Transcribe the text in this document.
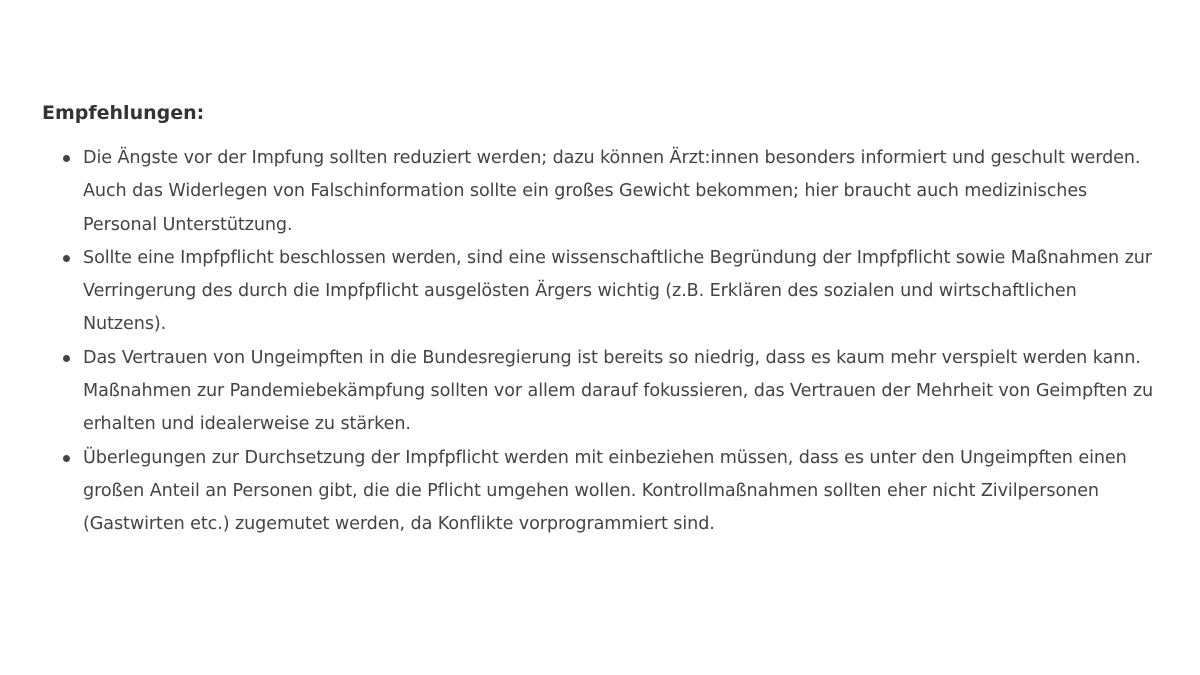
Empfehlungen:
Die Ängste vor der Impfung sollten reduziert werden; dazu können Ärzt:innen besonders informiert und geschult werden. Auch das Widerlegen von Falschinformation sollte ein großes Gewicht bekommen; hier braucht auch medizinisches Personal Unterstützung.
Sollte eine Impfpflicht beschlossen werden, sind eine wissenschaftliche Begründung der Impfpflicht sowie Maßnahmen zur Verringerung des durch die Impfpflicht ausgelösten Ärgers wichtig (z.B. Erklären des sozialen und wirtschaftlichen Nutzens).
Das Vertrauen von Ungeimpften in die Bundesregierung ist bereits so niedrig, dass es kaum mehr verspielt werden kann. Maßnahmen zur Pandemiebekämpfung sollten vor allem darauf fokussieren, das Vertrauen der Mehrheit von Geimpften zu erhalten und idealerweise zu stärken.
Überlegungen zur Durchsetzung der Impfpflicht werden mit einbeziehen müssen, dass es unter den Ungeimpften einen großen Anteil an Personen gibt, die die Pflicht umgehen wollen. Kontrollmaßnahmen sollten eher nicht Zivilpersonen (Gastwirten etc.) zugemutet werden, da Konflikte vorprogrammiert sind.
